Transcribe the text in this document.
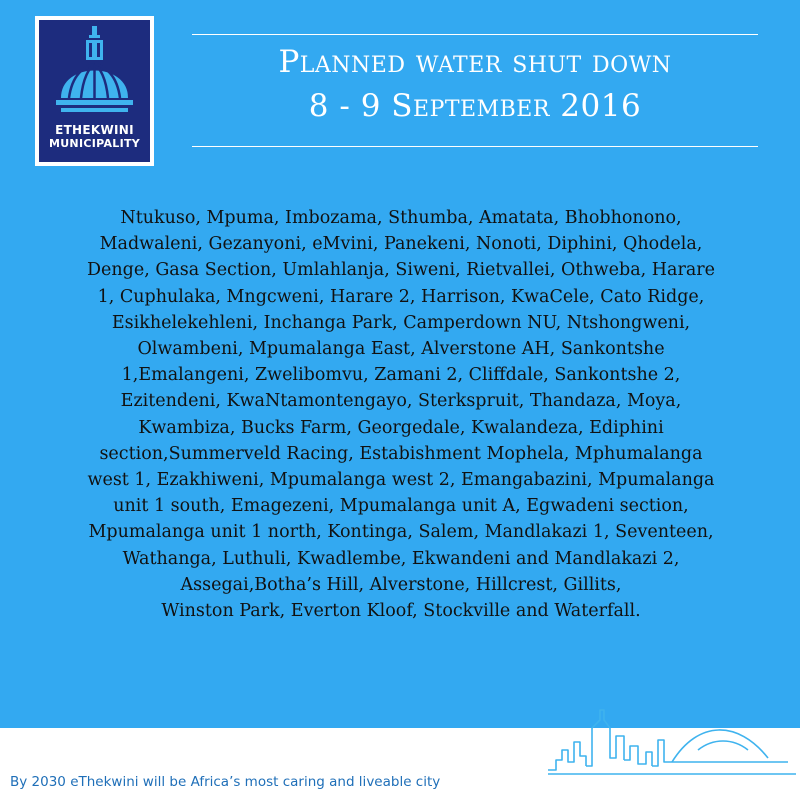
ETHEKWINI
MUNICIPALITY
Planned water shut down
8 - 9 September 2016
Ntukuso, Mpuma, Imbozama, Sthumba, Amatata, Bhobhonono,
Madwaleni, Gezanyoni, eMvini, Panekeni, Nonoti, Diphini, Qhodela,
Denge, Gasa Section, Umlahlanja, Siweni, Rietvallei, Othweba, Harare
1, Cuphulaka, Mngcweni, Harare 2, Harrison, KwaCele, Cato Ridge,
Esikhelekehleni, Inchanga Park, Camperdown NU, Ntshongweni,
Olwambeni, Mpumalanga East, Alverstone AH, Sankontshe
1,Emalangeni, Zwelibomvu, Zamani 2, Cliffdale, Sankontshe 2,
Ezitendeni, KwaNtamontengayo, Sterkspruit, Thandaza, Moya,
Kwambiza, Bucks Farm, Georgedale, Kwalandeza, Ediphini
section,Summerveld Racing, Estabishment Mophela, Mphumalanga
west 1, Ezakhiweni, Mpumalanga west 2, Emangabazini, Mpumalanga
unit 1 south, Emagezeni, Mpumalanga unit A, Egwadeni section,
Mpumalanga unit 1 north, Kontinga, Salem, Mandlakazi 1, Seventeen,
Wathanga, Luthuli, Kwadlembe, Ekwandeni and Mandlakazi 2,
Assegai,Botha’s Hill, Alverstone, Hillcrest, Gillits,
Winston Park, Everton Kloof, Stockville and Waterfall.
By 2030 eThekwini will be Africa’s most caring and liveable city
